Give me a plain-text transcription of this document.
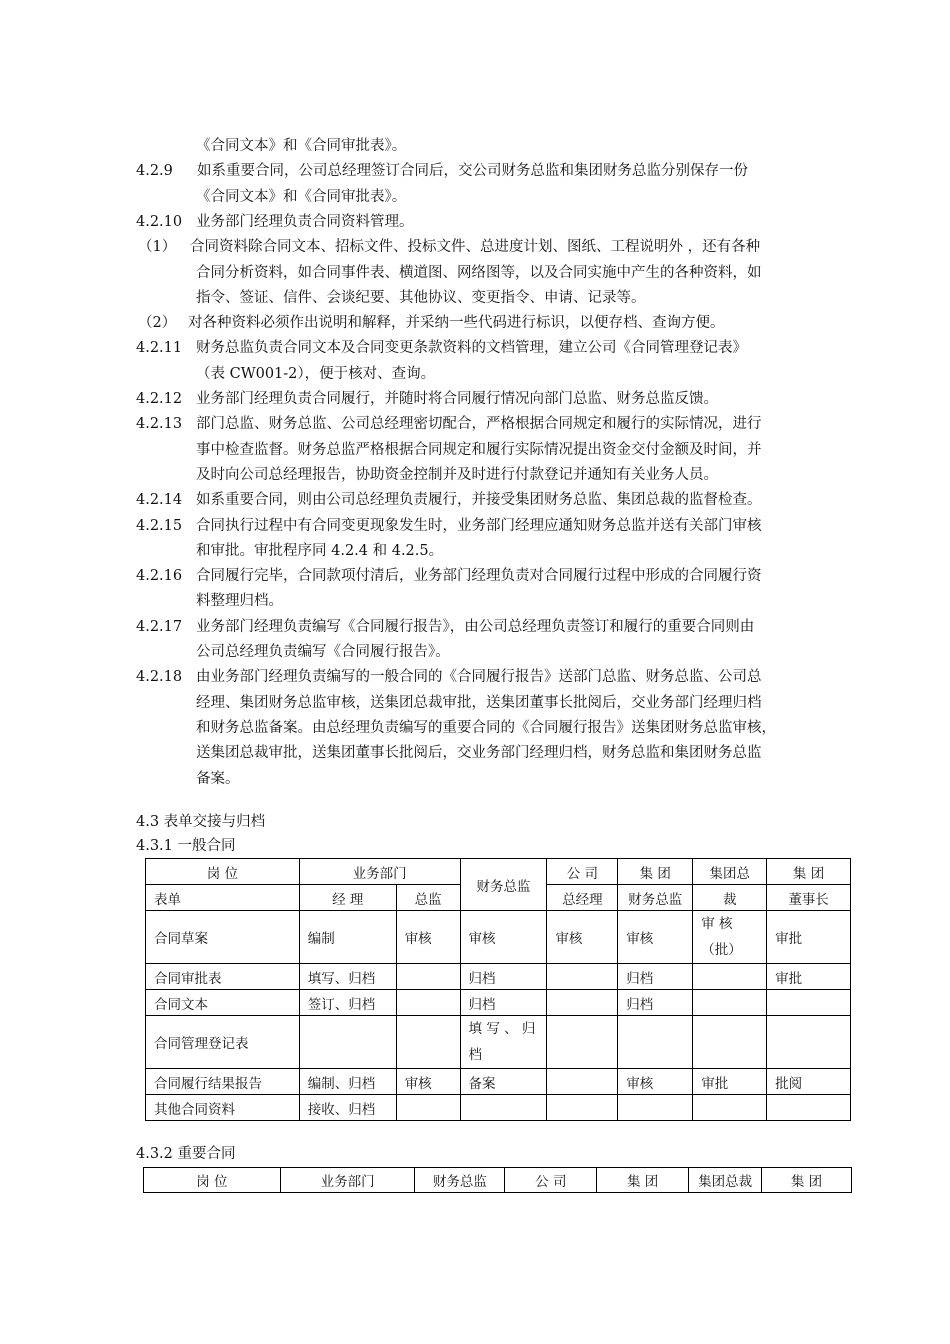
《合同文本》和《合同审批表》。
4.2.9 如系重要合同，公司总经理签订合同后，交公司财务总监和集团财务总监分别保存一份
《合同文本》和《合同审批表》。
4.2.10 业务部门经理负责合同资料管理。
（1） 合同资料除合同文本、招标文件、投标文件、总进度计划、图纸、工程说明外 ，还有各种
合同分析资料，如合同事件表、横道图、网络图等，以及合同实施中产生的各种资料，如
指令、签证、信件、会谈纪要、其他协议、变更指令、申请、记录等。
（2） 对各种资料必须作出说明和解释，并采纳一些代码进行标识，以便存档、查询方便。
4.2.11 财务总监负责合同文本及合同变更条款资料的文档管理，建立公司《合同管理登记表》
（表 CW001-2），便于核对、查询。
4.2.12 业务部门经理负责合同履行，并随时将合同履行情况向部门总监、财务总监反馈。
4.2.13 部门总监、财务总监、公司总经理密切配合，严格根据合同规定和履行的实际情况，进行
事中检查监督。财务总监严格根据合同规定和履行实际情况提出资金交付金额及时间，并
及时向公司总经理报告，协助资金控制并及时进行付款登记并通知有关业务人员。
4.2.14 如系重要合同，则由公司总经理负责履行，并接受集团财务总监、集团总裁的监督检查。
4.2.15 合同执行过程中有合同变更现象发生时，业务部门经理应通知财务总监并送有关部门审核
和审批。审批程序同 4.2.4 和 4.2.5。
4.2.16 合同履行完毕，合同款项付清后，业务部门经理负责对合同履行过程中形成的合同履行资
料整理归档。
4.2.17 业务部门经理负责编写《合同履行报告》，由公司总经理负责签订和履行的重要合同则由
公司总经理负责编写《合同履行报告》。
4.2.18 由业务部门经理负责编写的一般合同的《合同履行报告》送部门总监、财务总监、公司总
经理、集团财务总监审核，送集团总裁审批，送集团董事长批阅后，交业务部门经理归档
和财务总监备案。由总经理负责编写的重要合同的《合同履行报告》送集团财务总监审核，
送集团总裁审批，送集团董事长批阅后，交业务部门经理归档，财务总监和集团财务总监
备案。
4.3 表单交接与归档
4.3.1 一般合同
岗 位	业务部门		财务总监	公 司	集 团	集团总	集 团
表单	经 理	总监		总经理	财务总监	裁	董事长
合同草案	编制	审核	审核	审核	审核	审 核（批）	审批
合同审批表	填写、归档		归档		归档		审批
合同文本	签订、归档		归档		归档		
合同管理登记表			填 写 、 归档				
合同履行结果报告	编制、归档	审核	备案		审核	审批	批阅
其他合同资料	接收、归档						
4.3.2 重要合同
岗 位	业务部门	财务总监	公 司	集 团	集团总裁	集 团
